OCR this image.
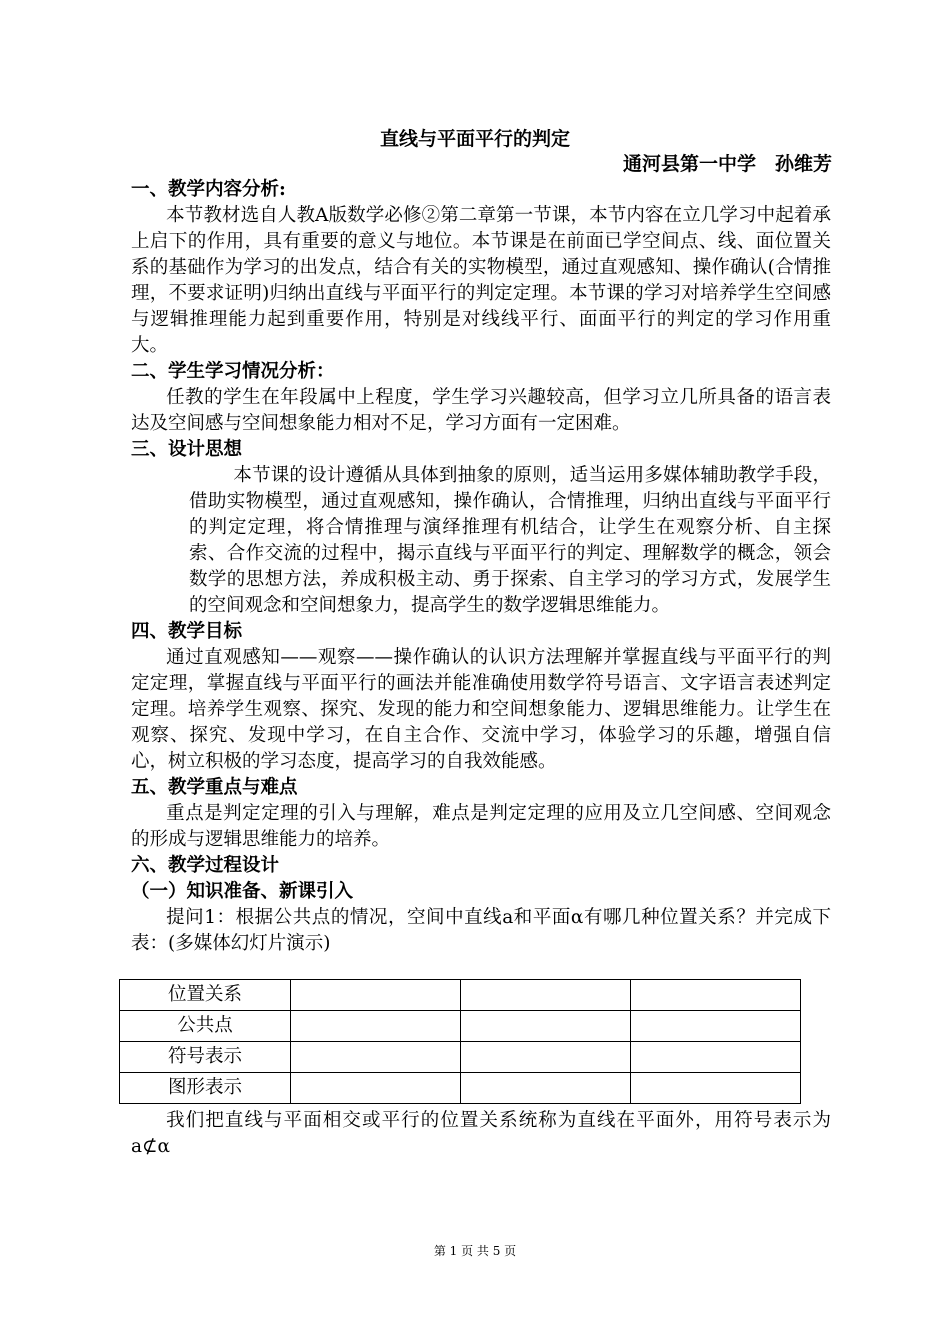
直线与平面平行的判定
通河县第一中学　孙维芳
一、教学内容分析:
本节教材选自人教A版数学必修②第二章第一节课，本节内容在立几学习中起着承上启下的作用，具有重要的意义与地位。本节课是在前面已学空间点、线、面位置关系的基础作为学习的出发点，结合有关的实物模型，通过直观感知、操作确认(合情推理，不要求证明)归纳出直线与平面平行的判定定理。本节课的学习对培养学生空间感与逻辑推理能力起到重要作用，特别是对线线平行、面面平行的判定的学习作用重大。
二、学生学习情况分析：
任教的学生在年段属中上程度，学生学习兴趣较高，但学习立几所具备的语言表达及空间感与空间想象能力相对不足，学习方面有一定困难。
三、设计思想
本节课的设计遵循从具体到抽象的原则，适当运用多媒体辅助教学手段，借助实物模型，通过直观感知，操作确认，合情推理，归纳出直线与平面平行的判定定理，将合情推理与演绎推理有机结合，让学生在观察分析、自主探索、合作交流的过程中，揭示直线与平面平行的判定、理解数学的概念，领会数学的思想方法，养成积极主动、勇于探索、自主学习的学习方式，发展学生的空间观念和空间想象力，提高学生的数学逻辑思维能力。
四、教学目标
通过直观感知——观察——操作确认的认识方法理解并掌握直线与平面平行的判定定理，掌握直线与平面平行的画法并能准确使用数学符号语言、文字语言表述判定定理。培养学生观察、探究、发现的能力和空间想象能力、逻辑思维能力。让学生在观察、探究、发现中学习，在自主合作、交流中学习，体验学习的乐趣，增强自信心，树立积极的学习态度，提高学习的自我效能感。
五、教学重点与难点
重点是判定定理的引入与理解，难点是判定定理的应用及立几空间感、空间观念的形成与逻辑思维能力的培养。
六、教学过程设计
（一）知识准备、新课引入
提问1：根据公共点的情况，空间中直线a和平面α有哪几种位置关系？并完成下表：(多媒体幻灯片演示)
位置关系			
公共点			
符号表示			
图形表示			
我们把直线与平面相交或平行的位置关系统称为直线在平面外，用符号表示为a⊄α
第 1 页 共 5 页
